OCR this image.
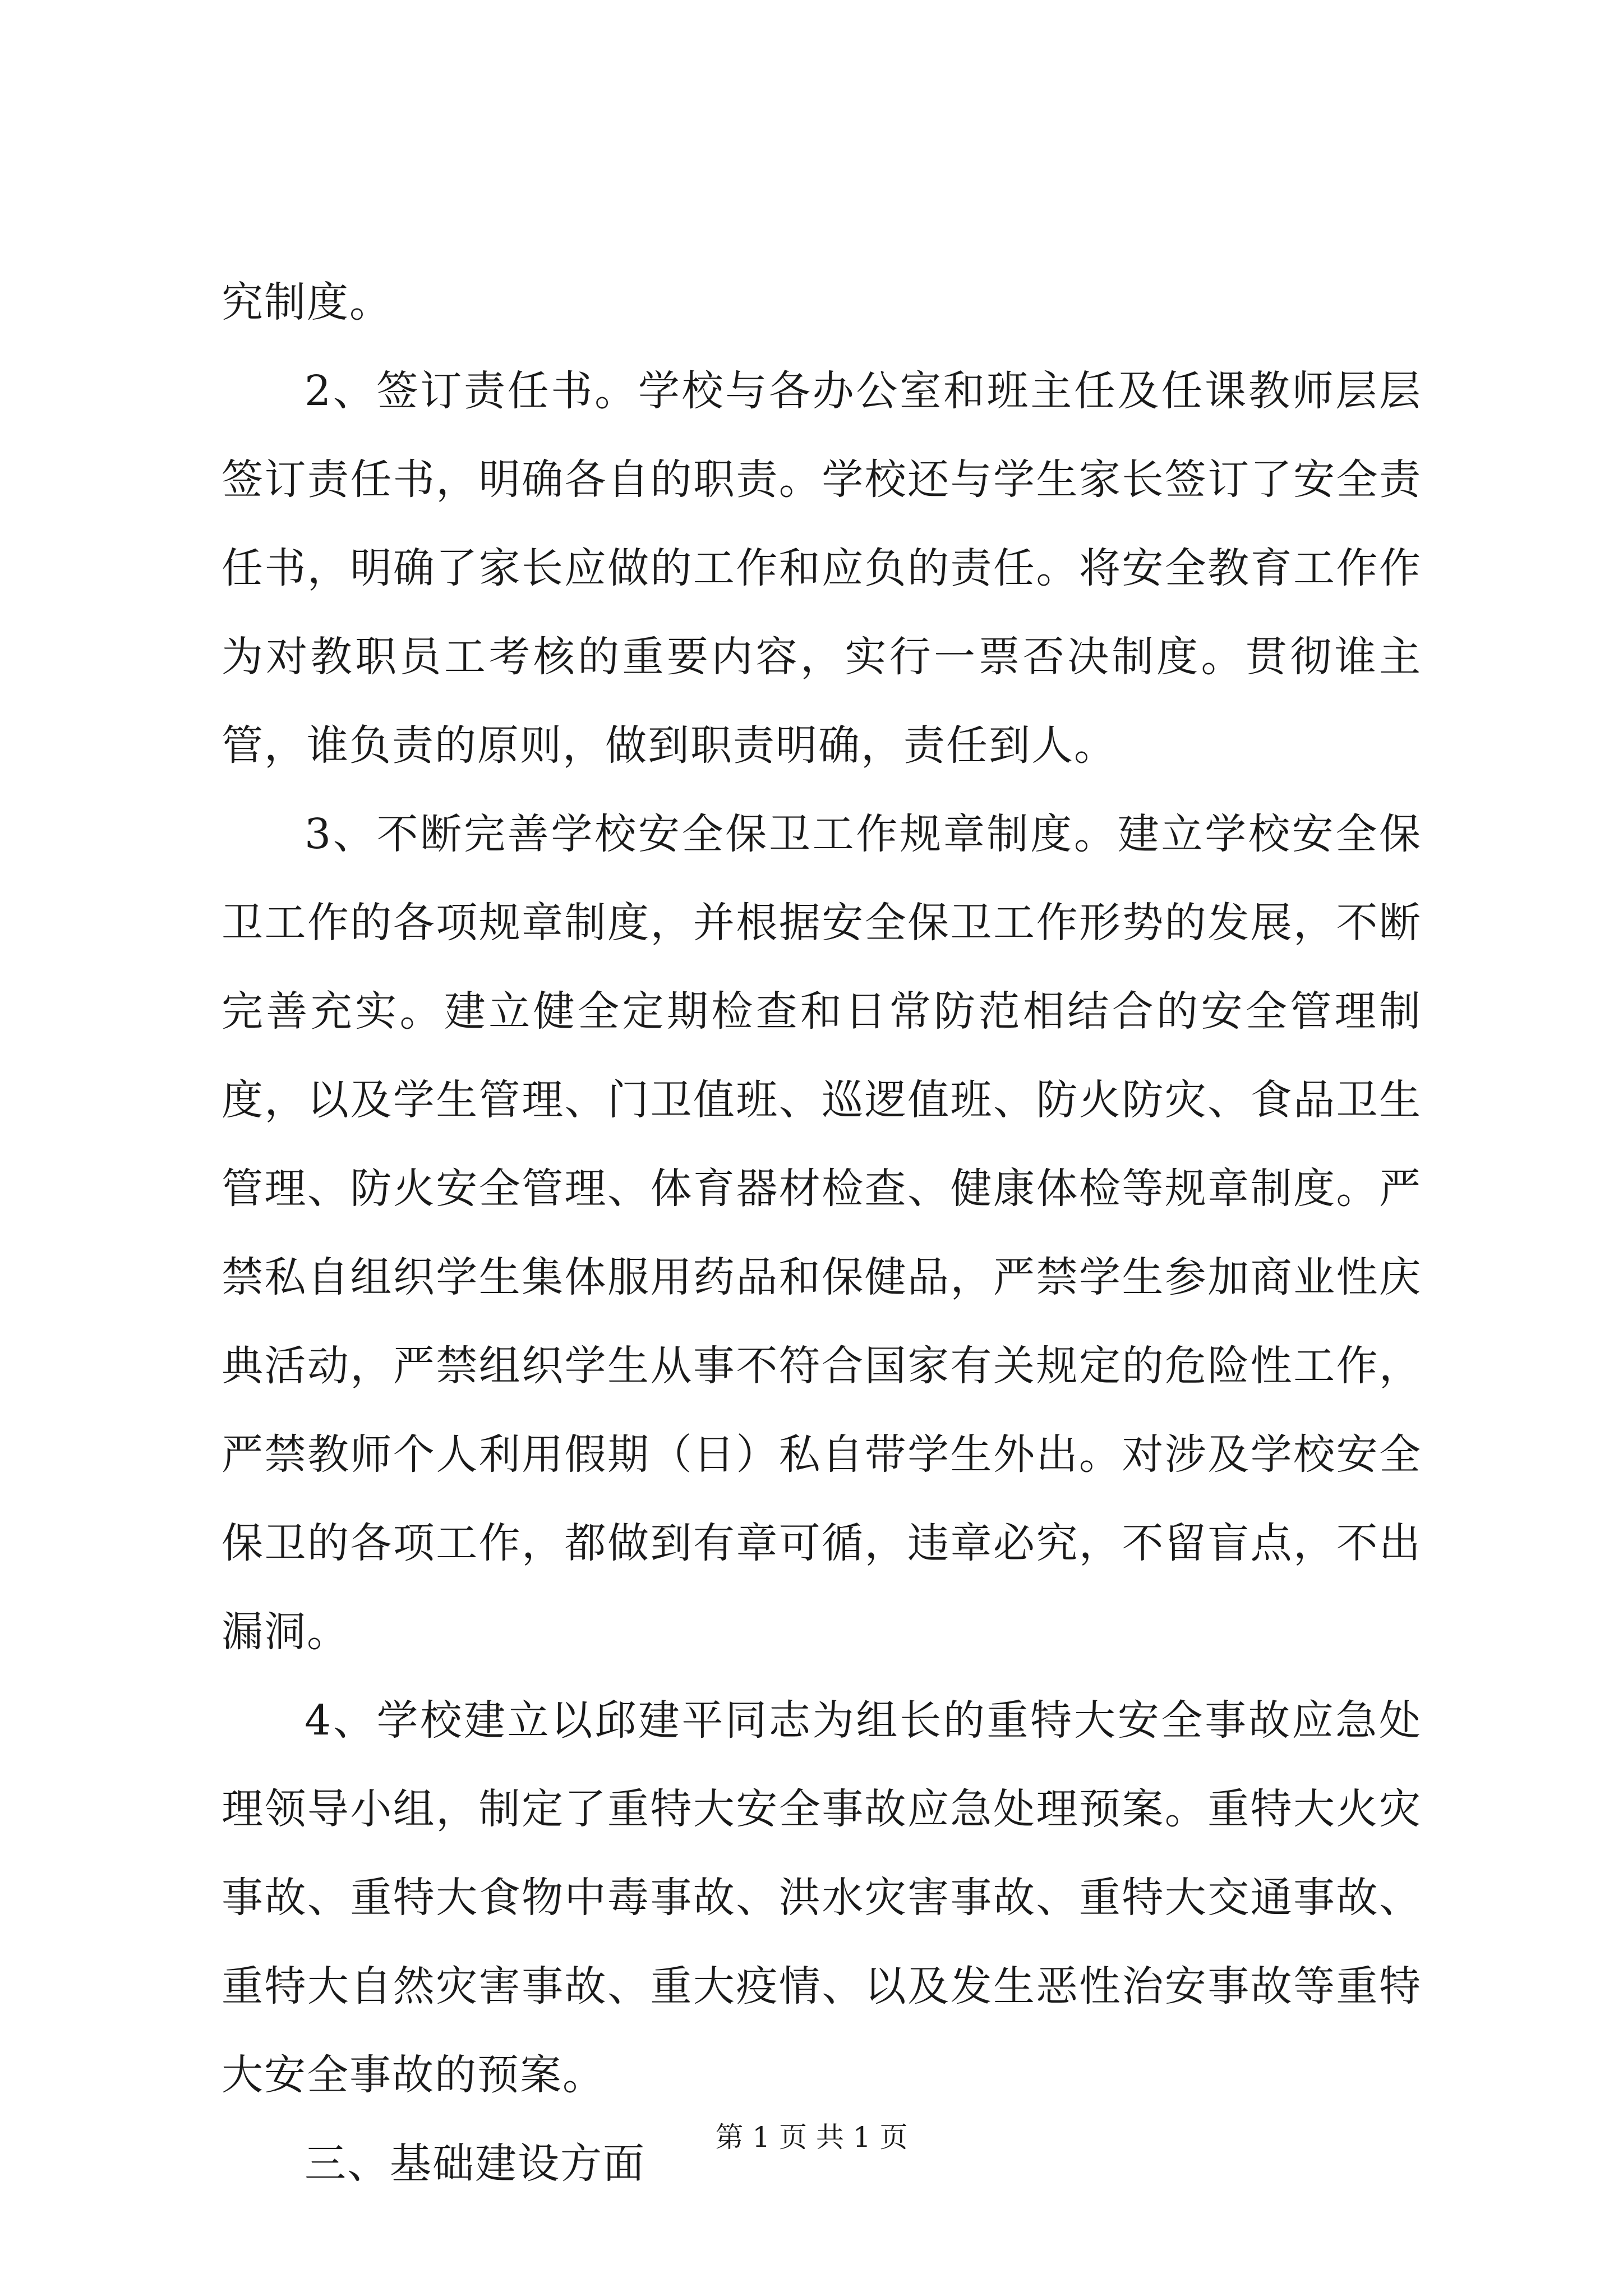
究制度。

2、签订责任书。学校与各办公室和班主任及任课教师层层签订责任书，明确各自的职责。学校还与学生家长签订了安全责任书，明确了家长应做的工作和应负的责任。将安全教育工作作为对教职员工考核的重要内容，实行一票否决制度。贯彻谁主管，谁负责的原则，做到职责明确，责任到人。

3、不断完善学校安全保卫工作规章制度。建立学校安全保卫工作的各项规章制度，并根据安全保卫工作形势的发展，不断完善充实。建立健全定期检查和日常防范相结合的安全管理制度，以及学生管理、门卫值班、巡逻值班、防火防灾、食品卫生管理、防火安全管理、体育器材检查、健康体检等规章制度。严禁私自组织学生集体服用药品和保健品，严禁学生参加商业性庆典活动，严禁组织学生从事不符合国家有关规定的危险性工作，严禁教师个人利用假期（日）私自带学生外出。对涉及学校安全保卫的各项工作，都做到有章可循，违章必究，不留盲点，不出漏洞。

4、学校建立以邱建平同志为组长的重特大安全事故应急处理领导小组，制定了重特大安全事故应急处理预案。重特大火灾事故、重特大食物中毒事故、洪水灾害事故、重特大交通事故、重特大自然灾害事故、重大疫情、以及发生恶性治安事故等重特大安全事故的预案。

三、基础建设方面

第 1 页 共 1 页
